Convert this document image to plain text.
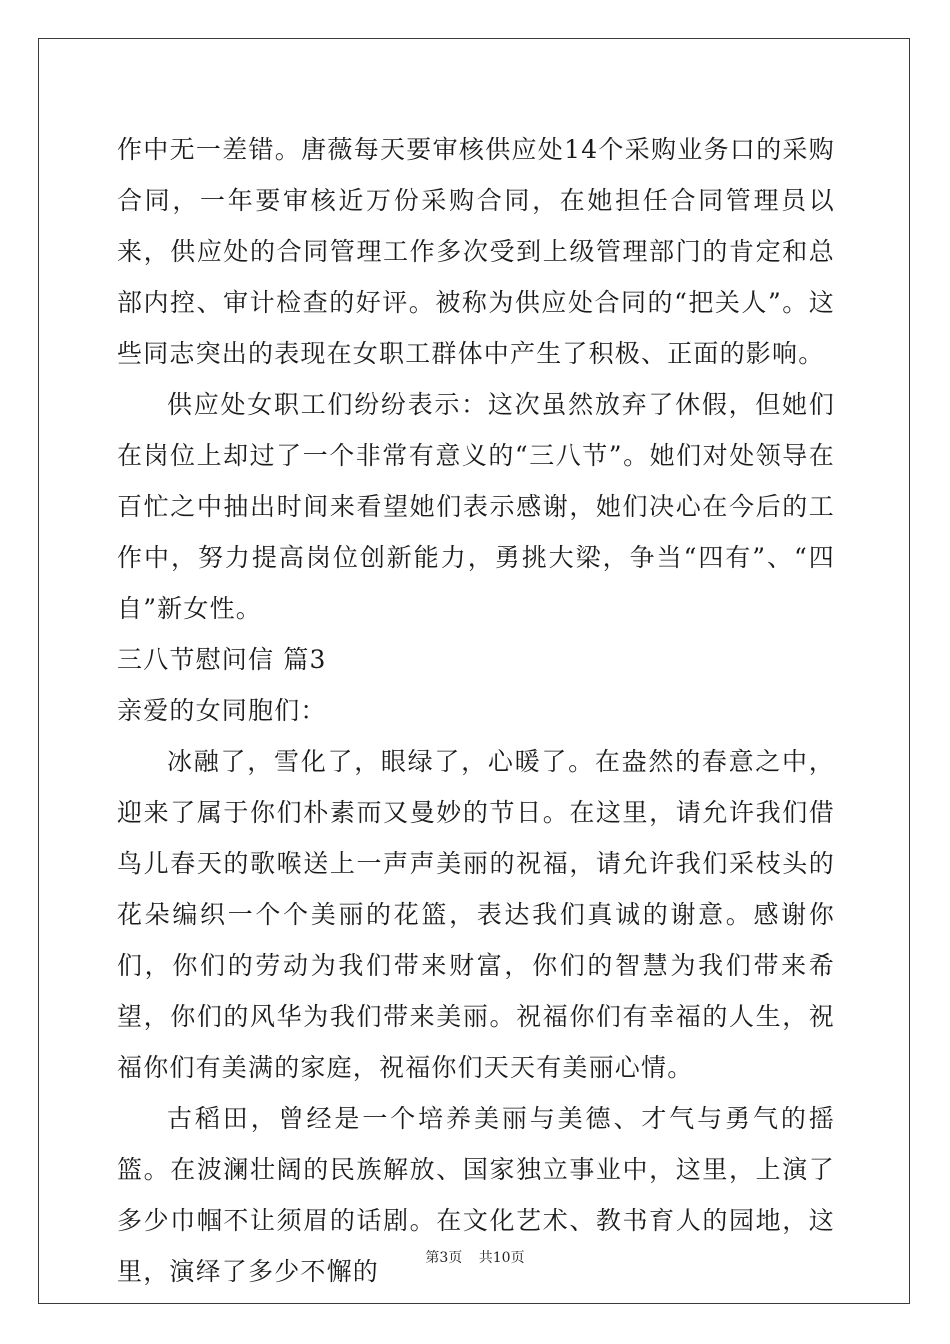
作中无一差错。唐薇每天要审核供应处14个采购业务口的采购合同，一年要审核近万份采购合同，在她担任合同管理员以来，供应处的合同管理工作多次受到上级管理部门的肯定和总部内控、审计检查的好评。被称为供应处合同的“把关人”。这些同志突出的表现在女职工群体中产生了积极、正面的影响。

供应处女职工们纷纷表示：这次虽然放弃了休假，但她们在岗位上却过了一个非常有意义的“三八节”。她们对处领导在百忙之中抽出时间来看望她们表示感谢，她们决心在今后的工作中，努力提高岗位创新能力，勇挑大梁，争当“四有”、“四自”新女性。

三八节慰问信 篇3

亲爱的女同胞们：

冰融了，雪化了，眼绿了，心暖了。在盎然的春意之中，迎来了属于你们朴素而又曼妙的节日。在这里，请允许我们借鸟儿春天的歌喉送上一声声美丽的祝福，请允许我们采枝头的花朵编织一个个美丽的花篮，表达我们真诚的谢意。感谢你们，你们的劳动为我们带来财富，你们的智慧为我们带来希望，你们的风华为我们带来美丽。祝福你们有幸福的人生，祝福你们有美满的家庭，祝福你们天天有美丽心情。

古稻田，曾经是一个培养美丽与美德、才气与勇气的摇篮。在波澜壮阔的民族解放、国家独立事业中，这里，上演了多少巾帼不让须眉的话剧。在文化艺术、教书育人的园地，这里，演绎了多少不懈的	第3页 共10页
